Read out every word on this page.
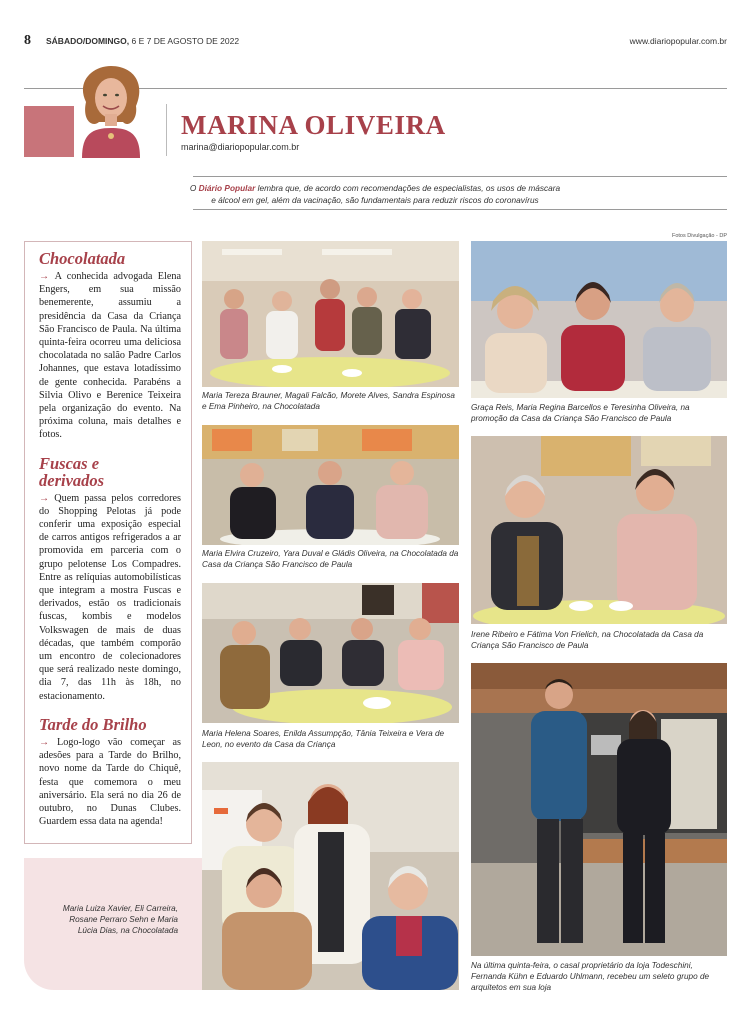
8 SÁBADO/DOMINGO, 6 E 7 DE AGOSTO DE 2022	www.diariopopular.com.br
MARINA OLIVEIRA
marina@diariopopular.com.br
O Diário Popular lembra que, de acordo com recomendações de especialistas, os usos de máscara
e álcool em gel, além da vacinação, são fundamentais para reduzir riscos do coronavírus
Fotos Divulgação - DP
Chocolatada
→ A conhecida advogada Elena Engers, em sua missão benemerente, assumiu a presidência da Casa da Criança São Francisco de Paula. Na última quinta-feira ocorreu uma deliciosa chocolatada no salão Padre Carlos Johannes, que estava lotadíssimo de gente conhecida. Parabéns a Silvia Olivo e Berenice Teixeira pela organização do evento. Na próxima coluna, mais detalhes e fotos.
Fuscas e derivados
→ Quem passa pelos corredores do Shopping Pelotas já pode conferir uma exposição especial de carros antigos refrigerados a ar promovida em parceria com o grupo pelotense Los Compadres. Entre as relíquias automobilísticas que integram a mostra Fuscas e derivados, estão os tradicionais fuscas, kombis e modelos Volkswagen de mais de duas décadas, que também comporão um encontro de colecionadores que será realizado neste domingo, dia 7, das 11h às 18h, no estacionamento.
Tarde do Brilho
→ Logo-logo vão começar as adesões para a Tarde do Brilho, novo nome da Tarde do Chiquê, festa que comemora o meu aniversário. Ela será no dia 26 de outubro, no Dunas Clubes. Guardem essa data na agenda!
Maria Luiza Xavier, Eli Carreira, Rosane Perraro Sehn e Maria Lúcia Dias, na Chocolatada
Maria Tereza Brauner, Magali Falcão, Morete Alves, Sandra Espinosa e Ema Pinheiro, na Chocolatada	Graça Reis, Maria Regina Barcellos e Teresinha Oliveira, na promoção da Casa da Criança São Francisco de Paula
Maria Elvira Cruzeiro, Yara Duval e Gládis Oliveira, na Chocolatada da Casa da Criança São Francisco de Paula
Irene Ribeiro e Fátima Von Frielich, na Chocolatada da Casa da Criança São Francisco de Paula
Maria Helena Soares, Enilda Assumpção, Tânia Teixeira e Vera de Leon, no evento da Casa da Criança
Na última quinta-feira, o casal proprietário da loja Todeschini, Fernanda Kühn e Eduardo Uhlmann, recebeu um seleto grupo de arquitetos em sua loja
